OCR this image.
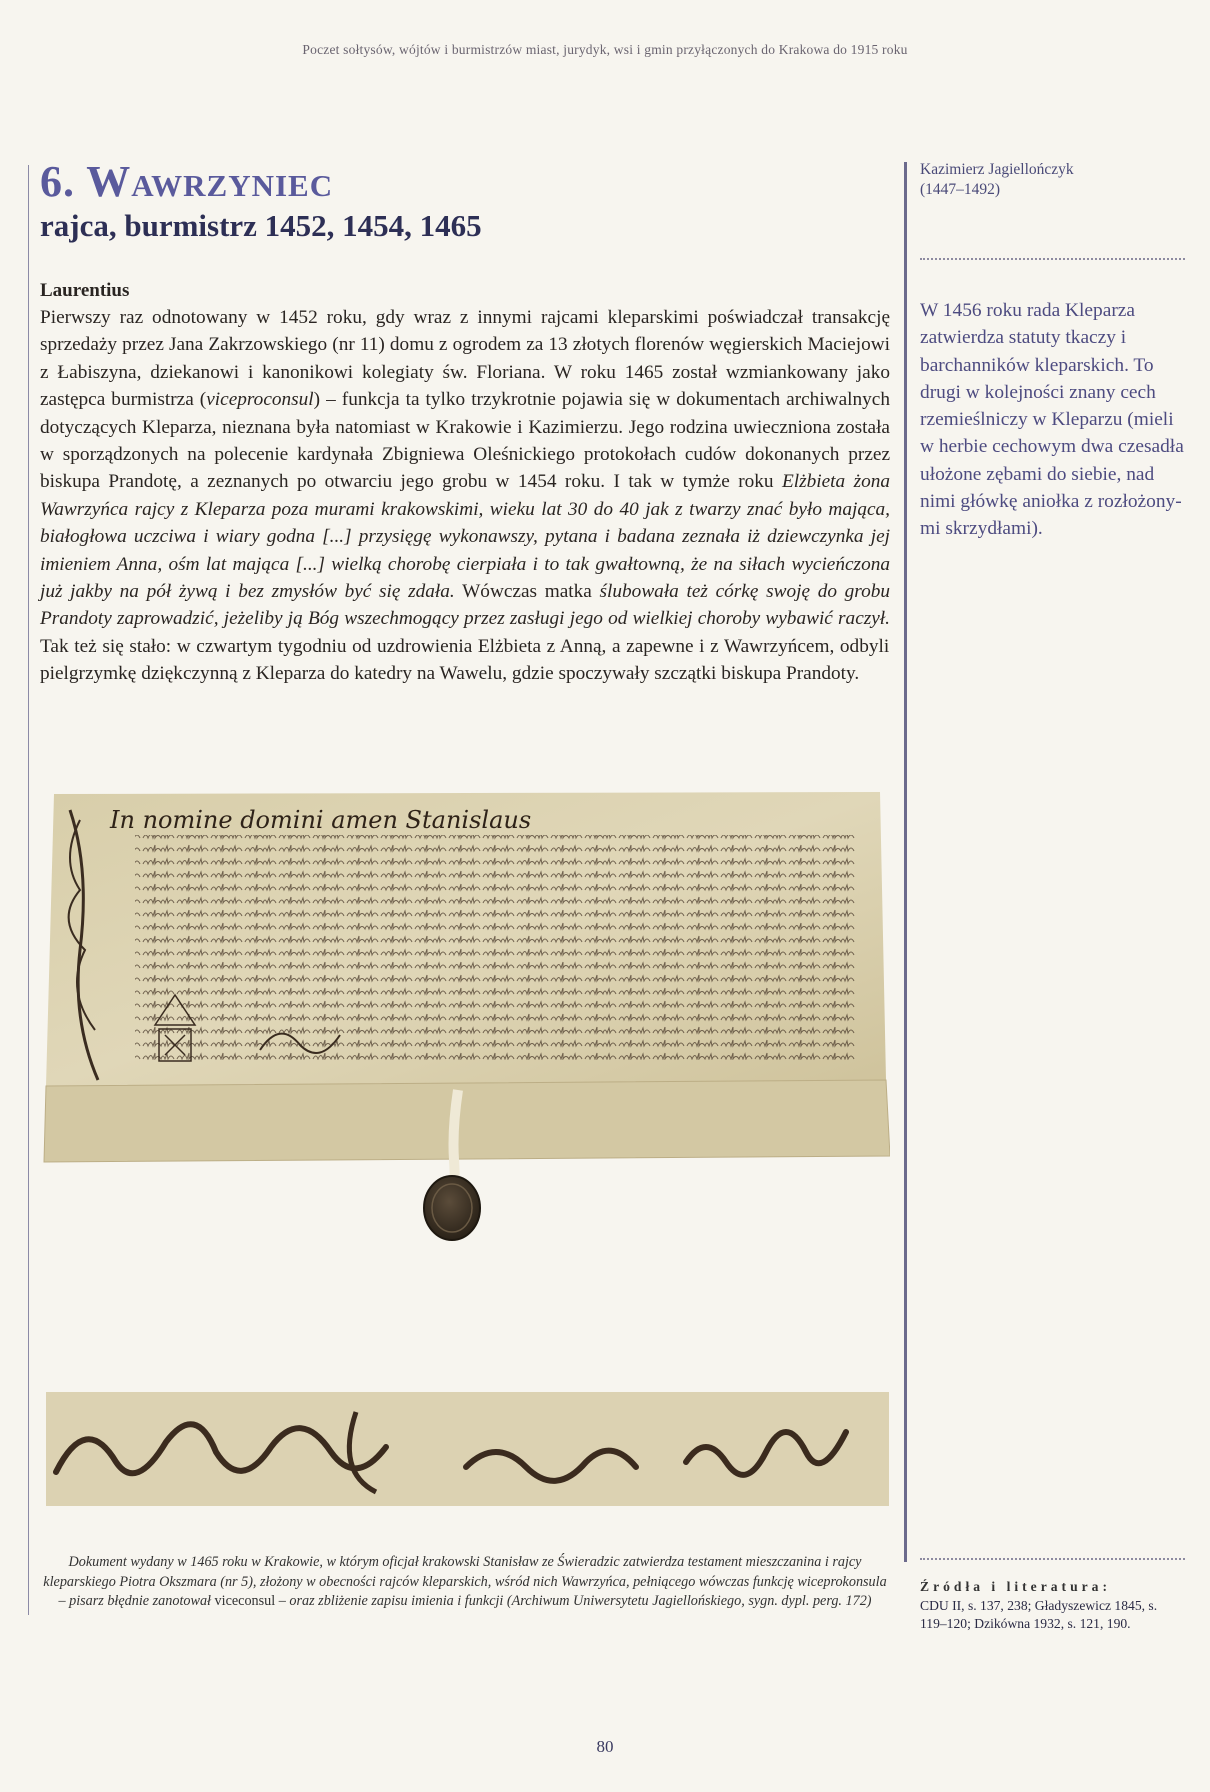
Poczet sołtysów, wójtów i burmistrzów miast, jurydyk, wsi i gmin przyłączonych do Krakowa do 1915 roku
6. Wawrzyniec
rajca, burmistrz 1452, 1454, 1465
Laurentius

Pierwszy raz odnotowany w 1452 roku, gdy wraz z innymi rajcami kleparskimi poświadczał transakcję sprzedaży przez Jana Zakrzowskiego (nr 11) domu z ogrodem za 13 złotych florenów węgierskich Maciejowi z Łabiszyna, dziekanowi i kanonikowi kolegiaty św. Floriana. W roku 1465 został wzmiankowany jako zastępca burmistrza (viceproconsul) – funkcja ta tylko trzykrotnie pojawia się w dokumentach archiwalnych dotyczących Kleparza, nieznana była natomiast w Krakowie i Kazimierzu. Jego rodzina uwieczniona została w sporządzonych na polecenie kardynała Zbigniewa Oleśnickiego protokołach cudów dokonanych przez biskupa Prandotę, a zeznanych po otwarciu jego grobu w 1454 roku. I tak w tymże roku Elżbieta żona Wawrzyńca rajcy z Kleparza poza murami krakowskimi, wieku lat 30 do 40 jak z twarzy znać było mająca, białogłowa uczciwa i wiary godna [...] przysięgę wykonawszy, pytana i badana zeznała iż dziewczynka jej imieniem Anna, ośm lat mająca [...] wielką chorobę cierpiała i to tak gwałtowną, że na siłach wycieńczona już jakby na pół żywą i bez zmysłów być się zdała. Wówczas matka ślubowała też córkę swoję do grobu Prandoty zaprowadzić, jeżeliby ją Bóg wszechmogący przez zasługi jego od wielkiej choroby wybawić raczył. Tak też się stało: w czwartym tygodniu od uzdrowienia Elżbieta z Anną, a zapewne i z Wawrzyńcem, odbyli pielgrzymkę dziękczynną z Kleparza do katedry na Wawelu, gdzie spoczywały szczątki biskupa Prandoty.

In nomine domini amen Stanislaus
Dokument wydany w 1465 roku w Krakowie, w którym oficjał krakowski Stanisław ze Świeradzic zatwierdza testament mieszczanina i rajcy kleparskiego Piotra Okszmara (nr 5), złożony w obecności rajców kleparskich, wśród nich Wawrzyńca, pełniącego wówczas funkcję wiceprokonsula – pisarz błędnie zanotował viceconsul – oraz zbliżenie zapisu imienia i funkcji (Archiwum Uniwersytetu Jagiellońskiego, sygn. dypl. perg. 172)
Kazimierz Jagiellończyk
(1447–1492)
W 1456 roku rada Kleparza zatwierdza statuty tkaczy i barchanników kleparskich. To drugi w kolejności znany cech rzemieślniczy w Kleparzu (mieli w herbie cechowym dwa czesadła ułożone zębami do siebie, nad nimi główkę aniołka z rozłożonymi skrzydłami).
Źródła i literatura:
CDU II, s. 137, 238; Gładyszewicz 1845, s. 119–120; Dzikówna 1932, s. 121, 190.
80
